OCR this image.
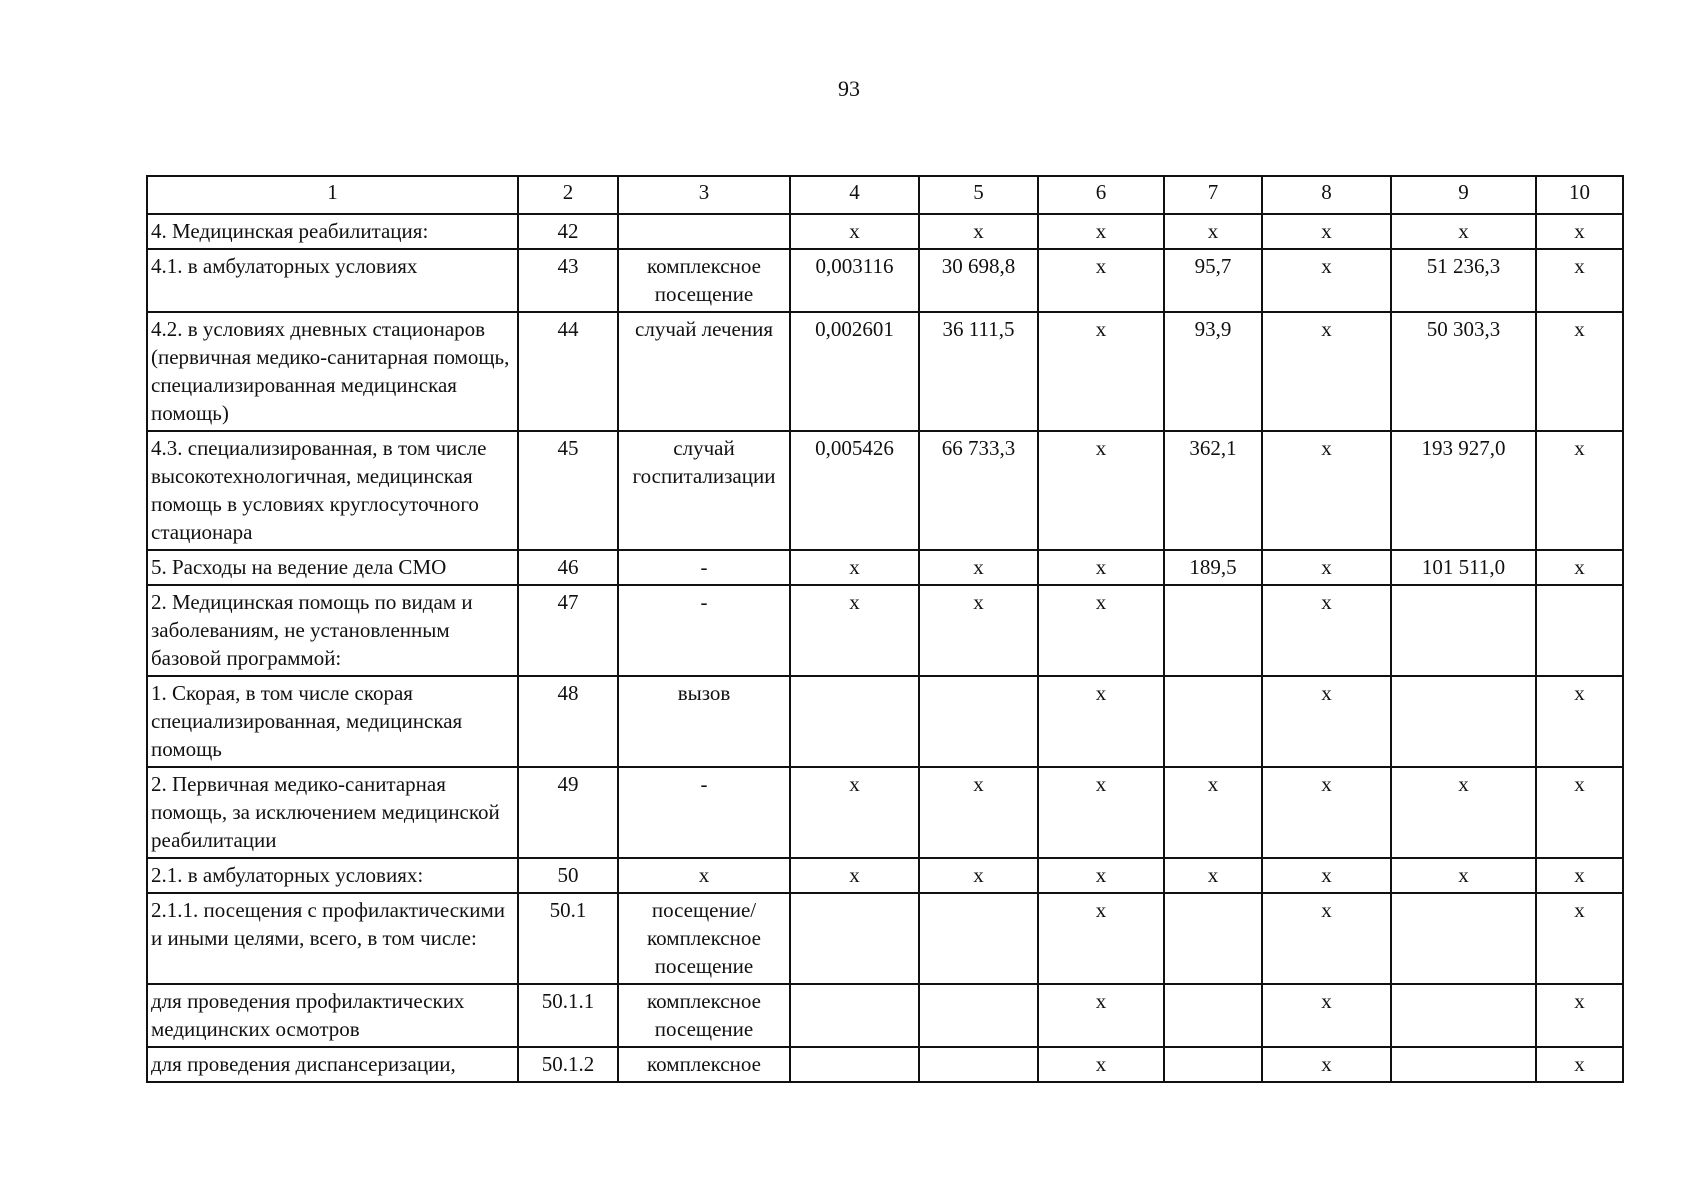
93
1	2	3	4	5	6	7	8	9	10
4. Медицинская реабилитация:	42		х	х	х	х	х	х	х
4.1. в амбулаторных условиях	43	комплексное посещение	0,003116	30 698,8	х	95,7	х	51 236,3	х
4.2. в условиях дневных стационаров (первичная медико-санитарная помощь, специализированная медицинская помощь)	44	случай лечения	0,002601	36 111,5	х	93,9	х	50 303,3	х
4.3. специализированная, в том числе высокотехнологичная, медицинская помощь в условиях круглосуточного стационара	45	случай госпитализации	0,005426	66 733,3	х	362,1	х	193 927,0	х
5. Расходы на ведение дела СМО	46	-	х	х	х	189,5	х	101 511,0	х
2. Медицинская помощь по видам и заболеваниям, не установленным базовой программой:	47	-	х	х	х		х		
1. Скорая, в том числе скорая специализированная, медицинская помощь	48	вызов			х		х		х
2. Первичная медико-санитарная помощь, за исключением медицинской реабилитации	49	-	х	х	х	х	х	х	х
2.1. в амбулаторных условиях:	50	х	х	х	х	х	х	х	х
2.1.1. посещения с профилактическими и иными целями, всего, в том числе:	50.1	посещение/ комплексное посещение			х		х		х
для проведения профилактических медицинских осмотров	50.1.1	комплексное посещение			х		х		х
для проведения диспансеризации,	50.1.2	комплексное			х		х		х
